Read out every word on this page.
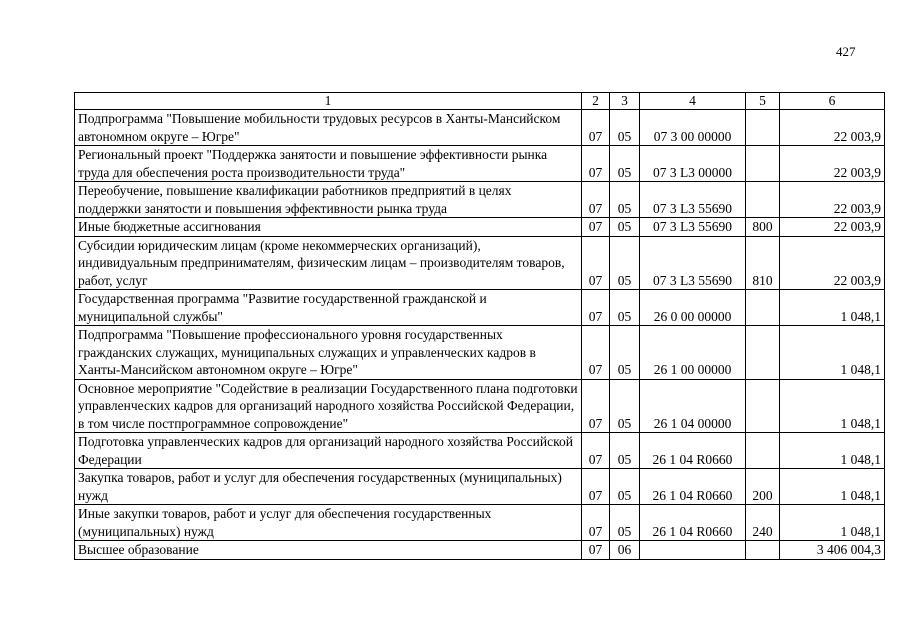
427
1	2	3	4	5	6
Подпрограмма "Повышение мобильности трудовых ресурсов в Ханты-Мансийском автономном округе – Югре"	07	05	07 3 00 00000		22 003,9
Региональный проект "Поддержка занятости и повышение эффективности рынка труда для обеспечения роста производительности труда"	07	05	07 3 L3 00000		22 003,9
Переобучение, повышение квалификации работников предприятий в целях поддержки занятости и повышения эффективности рынка труда	07	05	07 3 L3 55690		22 003,9
Иные бюджетные ассигнования	07	05	07 3 L3 55690	800	22 003,9
Субсидии юридическим лицам (кроме некоммерческих организаций), индивидуальным предпринимателям, физическим лицам – производителям товаров, работ, услуг	07	05	07 3 L3 55690	810	22 003,9
Государственная программа "Развитие государственной гражданской и муниципальной службы"	07	05	26 0 00 00000		1 048,1
Подпрограмма "Повышение профессионального уровня государственных гражданских служащих, муниципальных служащих и управленческих кадров в Ханты-Мансийском автономном округе – Югре"	07	05	26 1 00 00000		1 048,1
Основное мероприятие "Содействие в реализации Государственного плана подготовки управленческих кадров для организаций народного хозяйства Российской Федерации, в том числе постпрограммное сопровождение"	07	05	26 1 04 00000		1 048,1
Подготовка управленческих кадров для организаций народного хозяйства Российской Федерации	07	05	26 1 04 R0660		1 048,1
Закупка товаров, работ и услуг для обеспечения государственных (муниципальных) нужд	07	05	26 1 04 R0660	200	1 048,1
Иные закупки товаров, работ и услуг для обеспечения государственных (муниципальных) нужд	07	05	26 1 04 R0660	240	1 048,1
Высшее образование	07	06			3 406 004,3
